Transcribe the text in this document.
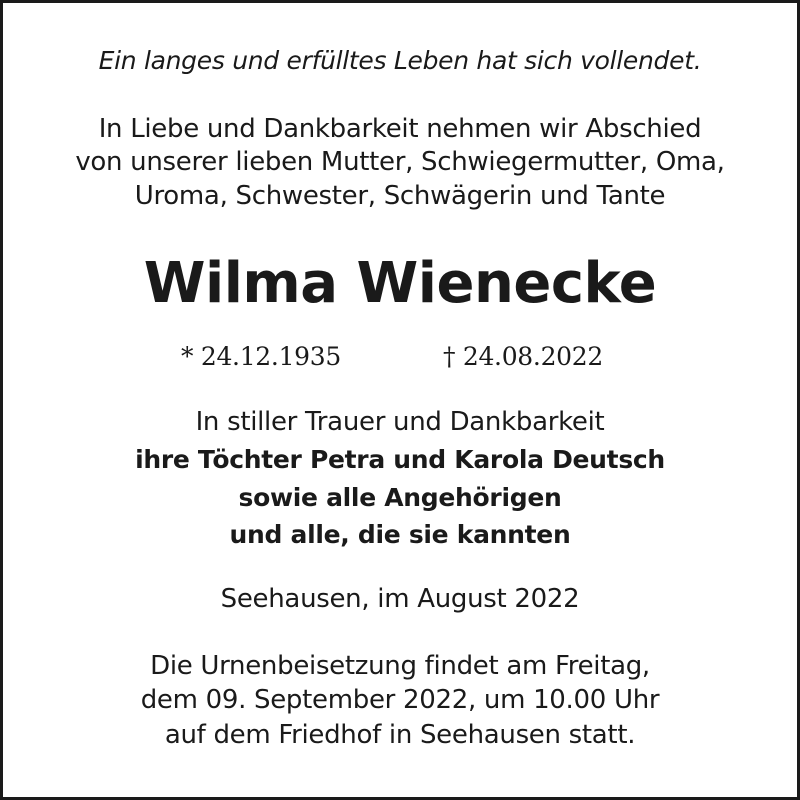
Ein langes und erfülltes Leben hat sich vollendet.
In Liebe und Dankbarkeit nehmen wir Abschied
von unserer lieben Mutter, Schwiegermutter, Oma,
Uroma, Schwester, Schwägerin und Tante
Wilma Wienecke
* 24.12.1935	† 24.08.2022
In stiller Trauer und Dankbarkeit
ihre Töchter Petra und Karola Deutsch
sowie alle Angehörigen
und alle, die sie kannten
Seehausen, im August 2022
Die Urnenbeisetzung findet am Freitag,
dem 09. September 2022, um 10.00 Uhr
auf dem Friedhof in Seehausen statt.
